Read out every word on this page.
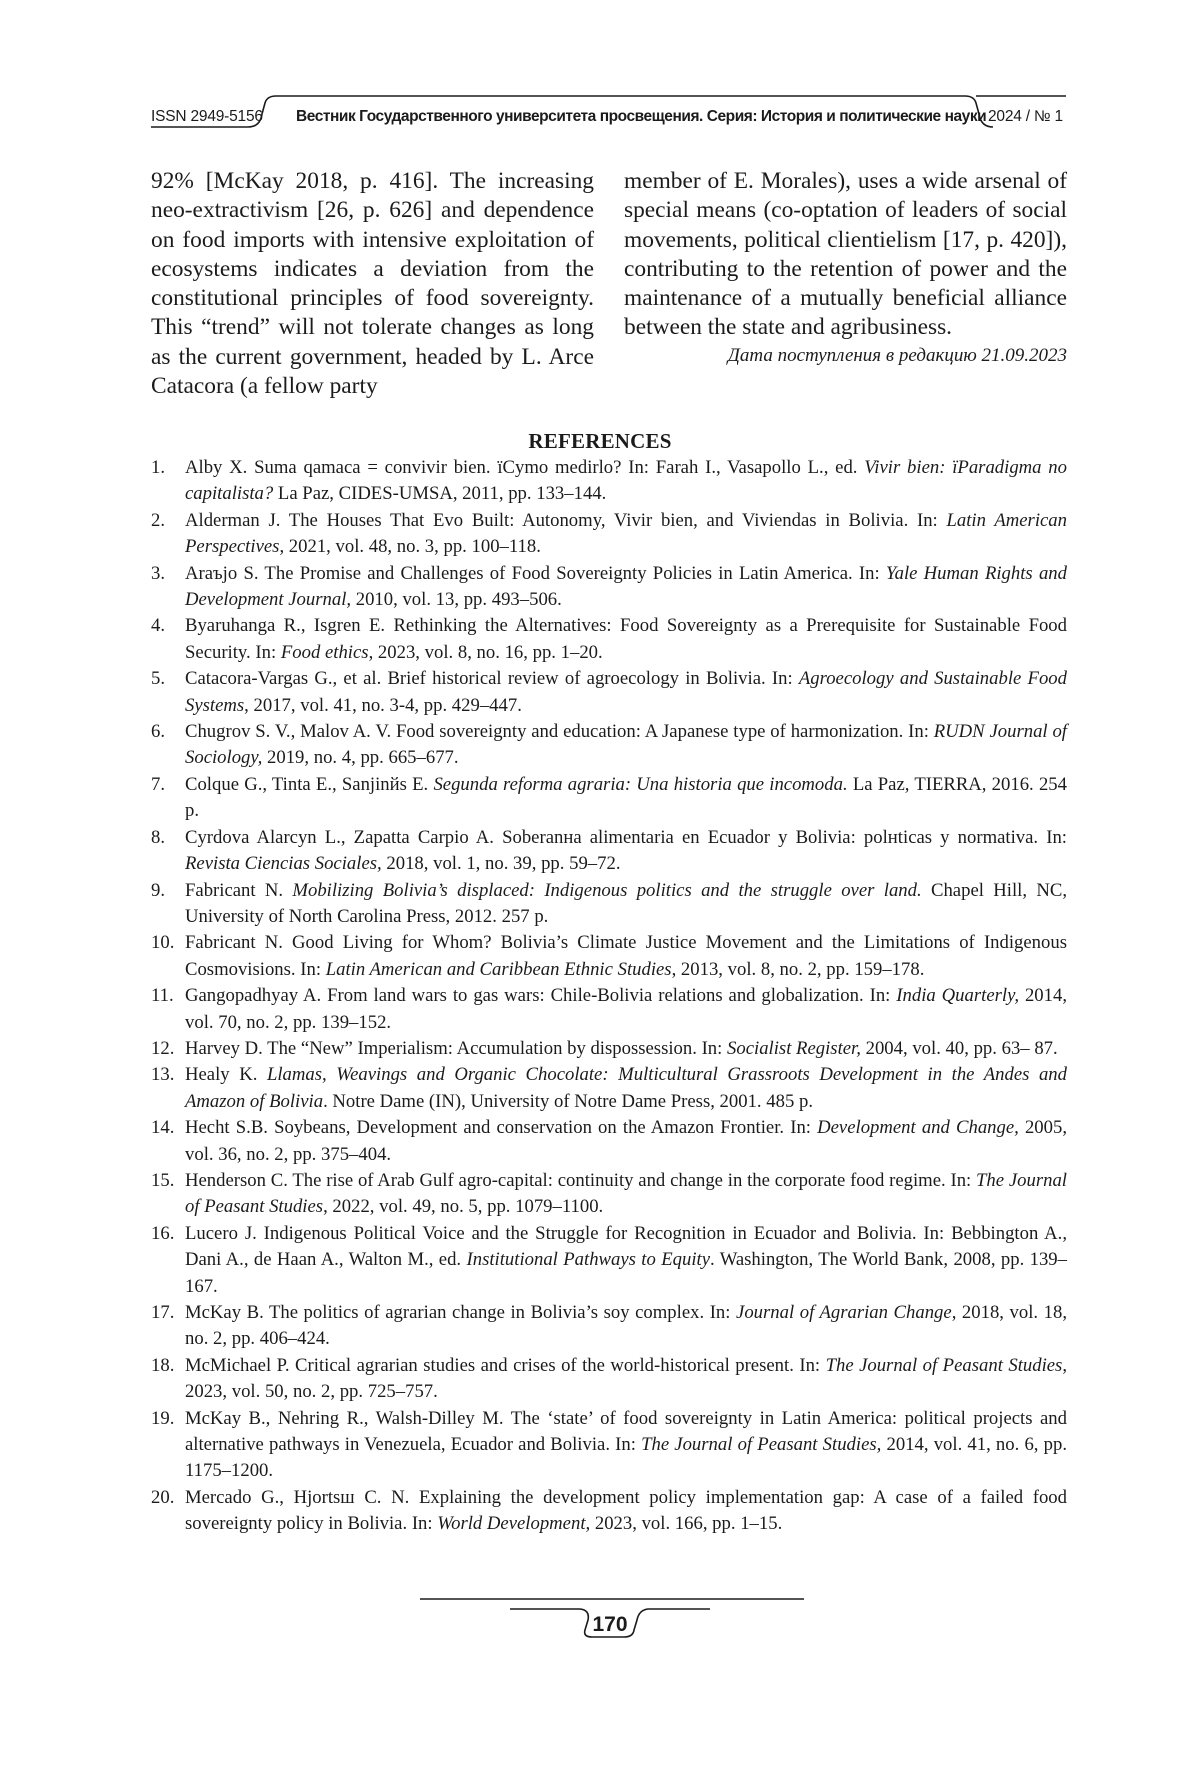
ISSN 2949-5156 Вестник Государственного университета просвещения. Серия: История и политические науки 2024 / № 1
92% [McKay 2018, p. 416]. The increasing neo-extractivism [26, p. 626] and depend­ence on food imports with intensive exploi­tation of ecosystems indicates a deviation from the constitutional principles of food sovereignty. This “trend” will not tolerate changes as long as the current government, headed by L. Arce Catacora (a fellow party
member of E. Morales), uses a wide arsenal of special means (co-optation of leaders of social movements, political clientielism [17, p. 420]), contributing to the retention of power and the maintenance of a mutually beneficial alliance between the state and ag­ribusiness.
Дата поступления в редакцию 21.09.2023
REFERENCES
1. Alby X. Suma qamaca = convivir bien. ïCymo medirlo? In: Farah I., Vasapollo L., ed. Vivir bien: ïParadigma no capitalista? La Paz, CIDES-UMSA, 2011, pp. 133–144.
2. Alderman J. The Houses That Evo Built: Autonomy, Vivir bien, and Viviendas in Bolivia. In: Latin American Perspectives, 2021, vol. 48, no. 3, pp. 100–118.
3. Araъjo S. The Promise and Challenges of Food Sovereignty Policies in Latin America. In: Yale Human Rights and Development Journal, 2010, vol. 13, pp. 493–506.
4. Byaruhanga R., Isgren E. Rethinking the Alternatives: Food Sovereignty as a Prerequisite for Sustain­able Food Security. In: Food ethics, 2023, vol. 8, no. 16, pp. 1–20.
5. Catacora-Vargas G., et al. Brief historical review of agroecology in Bolivia. In: Agroecology and Sus­tainable Food Systems, 2017, vol. 41, no. 3-4, pp. 429–447.
6. Chugrov S. V., Malov A. V. Food sovereignty and education: A Japanese type of harmonization. In: RUDN Journal of Sociology, 2019, no. 4, pp. 665–677.
7. Colque G., Tinta E., Sanjinйs E. Segunda reforma agraria: Una historia que incomoda. La Paz, TIERRA, 2016. 254 p.
8. Cyrdova Alarcyn L., Zapatta Carpio A. Soberanнa alimentaria en Ecuador y Bolivia: polнticas y nor­mativa. In: Revista Ciencias Sociales, 2018, vol. 1, no. 39, pp. 59–72.
9. Fabricant N. Mobilizing Bolivia’s displaced: Indigenous politics and the struggle over land. Chapel Hill, NC, University of North Carolina Press, 2012. 257 p.
10. Fabricant N. Good Living for Whom? Bolivia’s Climate Justice Movement and the Limitations of In­digenous Cosmovisions. In: Latin American and Caribbean Ethnic Studies, 2013, vol. 8, no. 2, pp. 159–178.
11. Gangopadhyay A. From land wars to gas wars: Chile-Bolivia relations and globalization. In: India Quarterly, 2014, vol. 70, no. 2, pp. 139–152.
12. Harvey D. The “New” Imperialism: Accumulation by dispossession. In: Socialist Register, 2004, vol. 40, pp. 63– 87.
13. Healy K. Llamas, Weavings and Organic Chocolate: Multicultural Grassroots Development in the Andes and Amazon of Bolivia. Notre Dame (IN), University of Notre Dame Press, 2001. 485 p.
14. Hecht S.B. Soybeans, Development and conservation on the Amazon Frontier. In: Development and Change, 2005, vol. 36, no. 2, pp. 375–404.
15. Henderson C. The rise of Arab Gulf agro-capital: continuity and change in the corporate food regime. In: The Journal of Peasant Studies, 2022, vol. 49, no. 5, pp. 1079–1100.
16. Lucero J. Indigenous Political Voice and the Struggle for Recognition in Ecuador and Bolivia. In: Beb­bington A., Dani A., de Haan A., Walton M., ed. Institutional Pathways to Equity. Washington, The World Bank, 2008, pp. 139–167.
17. McKay B. The politics of agrarian change in Bolivia’s soy complex. In: Journal of Agrarian Change, 2018, vol. 18, no. 2, pp. 406–424.
18. McMichael P. Critical agrarian studies and crises of the world-historical present. In: The Journal of Peasant Studies, 2023, vol. 50, no. 2, pp. 725–757.
19. McKay B., Nehring R., Walsh-Dilley M. The ‘state’ of food sovereignty in Latin America: political pro­jects and alternative pathways in Venezuela, Ecuador and Bolivia. In: The Journal of Peasant Studies, 2014, vol. 41, no. 6, pp. 1175–1200.
20. Mercado G., Hjortsш C. N. Explaining the development policy implementation gap: A case of a failed food sovereignty policy in Bolivia. In: World Development, 2023, vol. 166, pp. 1–15.
170
